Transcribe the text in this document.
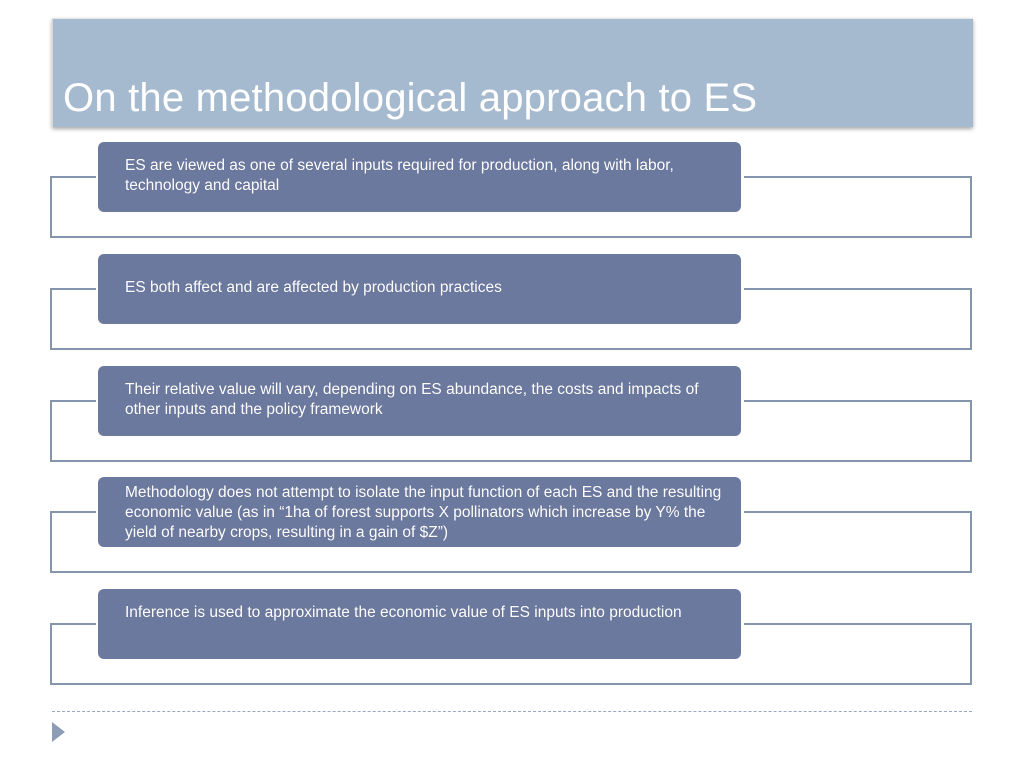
On the methodological approach to ES
ES are viewed as one of several inputs required for production, along with labor, technology and capital
ES both affect and are affected by production practices
Their relative value will vary, depending on ES abundance, the costs and impacts of other inputs and the policy framework
Methodology does not attempt to isolate the input function of each ES and the resulting economic value (as in “1ha of forest supports X pollinators which increase by Y% the yield of nearby crops, resulting in a gain of $Z”)
Inference is used to approximate the economic value of ES inputs into production
